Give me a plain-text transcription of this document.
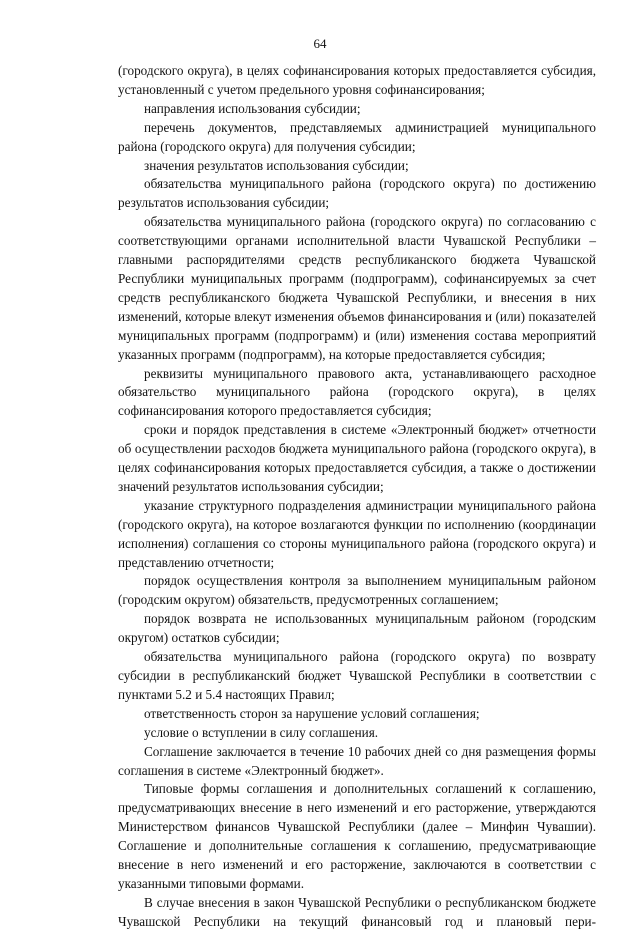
64

(городского округа), в целях софинансирования которых предоставляется субсидия, установленный с учетом предельного уровня софинансирования;

направления использования субсидии;

перечень документов, представляемых администрацией муниципального района (городского округа) для получения субсидии;

значения результатов использования субсидии;

обязательства муниципального района (городского округа) по достижению результатов использования субсидии;

обязательства муниципального района (городского округа) по согласованию с соответствующими органами исполнительной власти Чувашской Республики – главными распорядителями средств республиканского бюджета Чувашской Республики муниципальных программ (подпрограмм), софинансируемых за счет средств республиканского бюджета Чувашской Республики, и внесения в них изменений, которые влекут изменения объемов финансирования и (или) показателей муниципальных программ (подпрограмм) и (или) изменения состава мероприятий указанных программ (подпрограмм), на которые предоставляется субсидия;

реквизиты муниципального правового акта, устанавливающего расходное обязательство муниципального района (городского округа), в целях софинансирования которого предоставляется субсидия;

сроки и порядок представления в системе «Электронный бюджет» отчетности об осуществлении расходов бюджета муниципального района (городского округа), в целях софинансирования которых предоставляется субсидия, а также о достижении значений результатов использования субсидии;

указание структурного подразделения администрации муниципального района (городского округа), на которое возлагаются функции по исполнению (координации исполнения) соглашения со стороны муниципального района (городского округа) и представлению отчетности;

порядок осуществления контроля за выполнением муниципальным районом (городским округом) обязательств, предусмотренных соглашением;

порядок возврата не использованных муниципальным районом (городским округом) остатков субсидии;

обязательства муниципального района (городского округа) по возврату субсидии в республиканский бюджет Чувашской Республики в соответствии с пунктами 5.2 и 5.4 настоящих Правил;

ответственность сторон за нарушение условий соглашения;

условие о вступлении в силу соглашения.

Соглашение заключается в течение 10 рабочих дней со дня размещения формы соглашения в системе «Электронный бюджет».

Типовые формы соглашения и дополнительных соглашений к соглашению, предусматривающих внесение в него изменений и его расторжение, утверждаются Министерством финансов Чувашской Республики (далее – Минфин Чувашии). Соглашение и дополнительные соглашения к соглашению, предусматривающие внесение в него изменений и его расторжение, заключаются в соответствии с указанными типовыми формами.

В случае внесения в закон Чувашской Республики о республиканском бюджете Чувашской Республики на текущий финансовый год и плановый пери-
